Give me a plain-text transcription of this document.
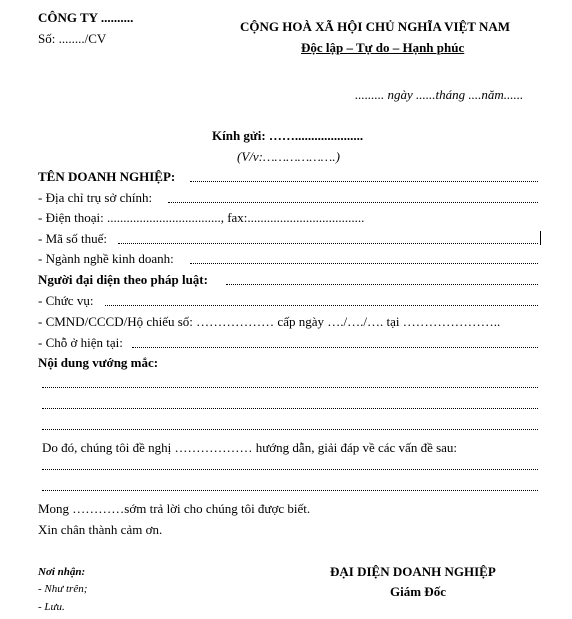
CÔNG TY ..........
Số: ......../CV
CỘNG HOÀ XÃ HỘI CHỦ NGHĨA VIỆT NAM
Độc lập – Tự do – Hạnh phúc
......... ngày ......tháng ....năm......
Kính gửi: …….....................
(V/v:……………….)
TÊN DOANH NGHIỆP:
- Địa chỉ trụ sở chính:
- Điện thoại: ..................................., fax:....................................
- Mã số thuế:
- Ngành nghề kinh doanh:
Người đại diện theo pháp luật:
- Chức vụ:
- CMND/CCCD/Hộ chiếu số: ……………… cấp ngày …./…./…. tại …………………..
- Chỗ ở hiện tại:
Nội dung vướng mắc:
Do đó, chúng tôi đề nghị ……………… hướng dẫn, giải đáp về các vấn đề sau:
Mong …………sớm trả lời cho chúng tôi được biết.
Xin chân thành cảm ơn.
Nơi nhận:
- Như trên;
- Lưu.
ĐẠI DIỆN DOANH NGHIỆP
Giám Đốc
